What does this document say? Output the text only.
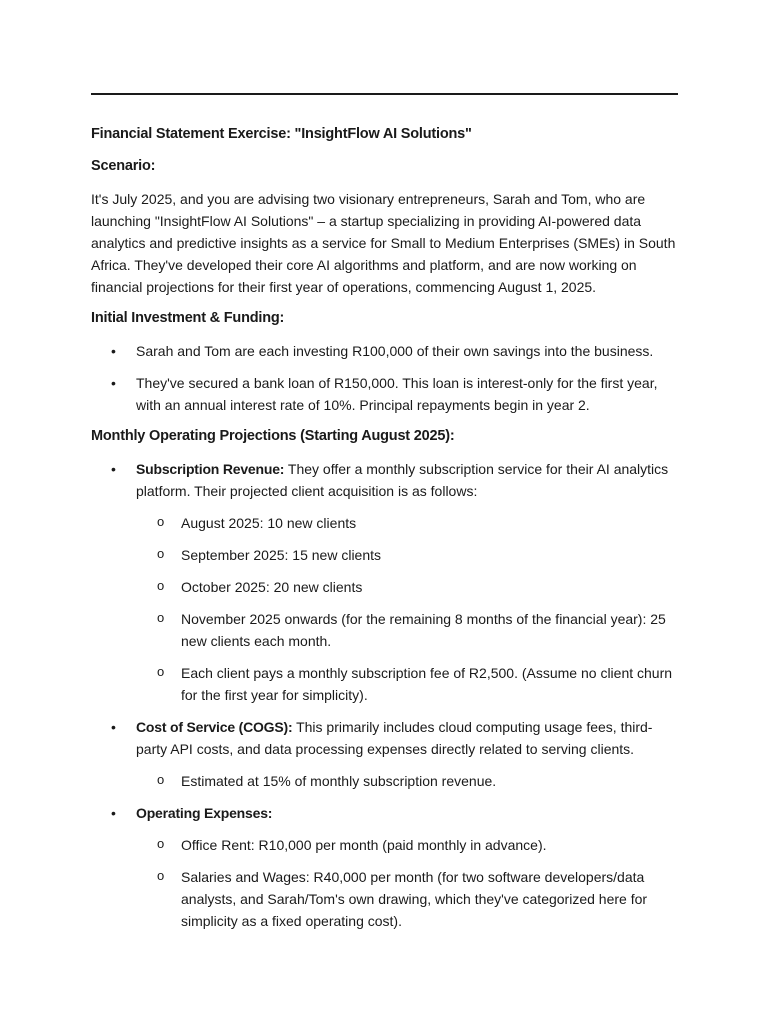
Financial Statement Exercise: "InsightFlow AI Solutions"
Scenario:

It's July 2025, and you are advising two visionary entrepreneurs, Sarah and Tom, who are launching "InsightFlow AI Solutions" – a startup specializing in providing AI-powered data analytics and predictive insights as a service for Small to Medium Enterprises (SMEs) in South Africa. They've developed their core AI algorithms and platform, and are now working on financial projections for their first year of operations, commencing August 1, 2025.

Initial Investment & Funding:
• Sarah and Tom are each investing R100,000 of their own savings into the business.
• They've secured a bank loan of R150,000. This loan is interest-only for the first year, with an annual interest rate of 10%. Principal repayments begin in year 2.
Monthly Operating Projections (Starting August 2025):
• Subscription Revenue: They offer a monthly subscription service for their AI analytics platform. Their projected client acquisition is as follows:
o August 2025: 10 new clients
o September 2025: 15 new clients
o October 2025: 20 new clients
o November 2025 onwards (for the remaining 8 months of the financial year): 25 new clients each month.
o Each client pays a monthly subscription fee of R2,500. (Assume no client churn for the first year for simplicity).
• Cost of Service (COGS): This primarily includes cloud computing usage fees, third-party API costs, and data processing expenses directly related to serving clients.
o Estimated at 15% of monthly subscription revenue.
• Operating Expenses:
o Office Rent: R10,000 per month (paid monthly in advance).
o Salaries and Wages: R40,000 per month (for two software developers/data analysts, and Sarah/Tom's own drawing, which they've categorized here for simplicity as a fixed operating cost).
